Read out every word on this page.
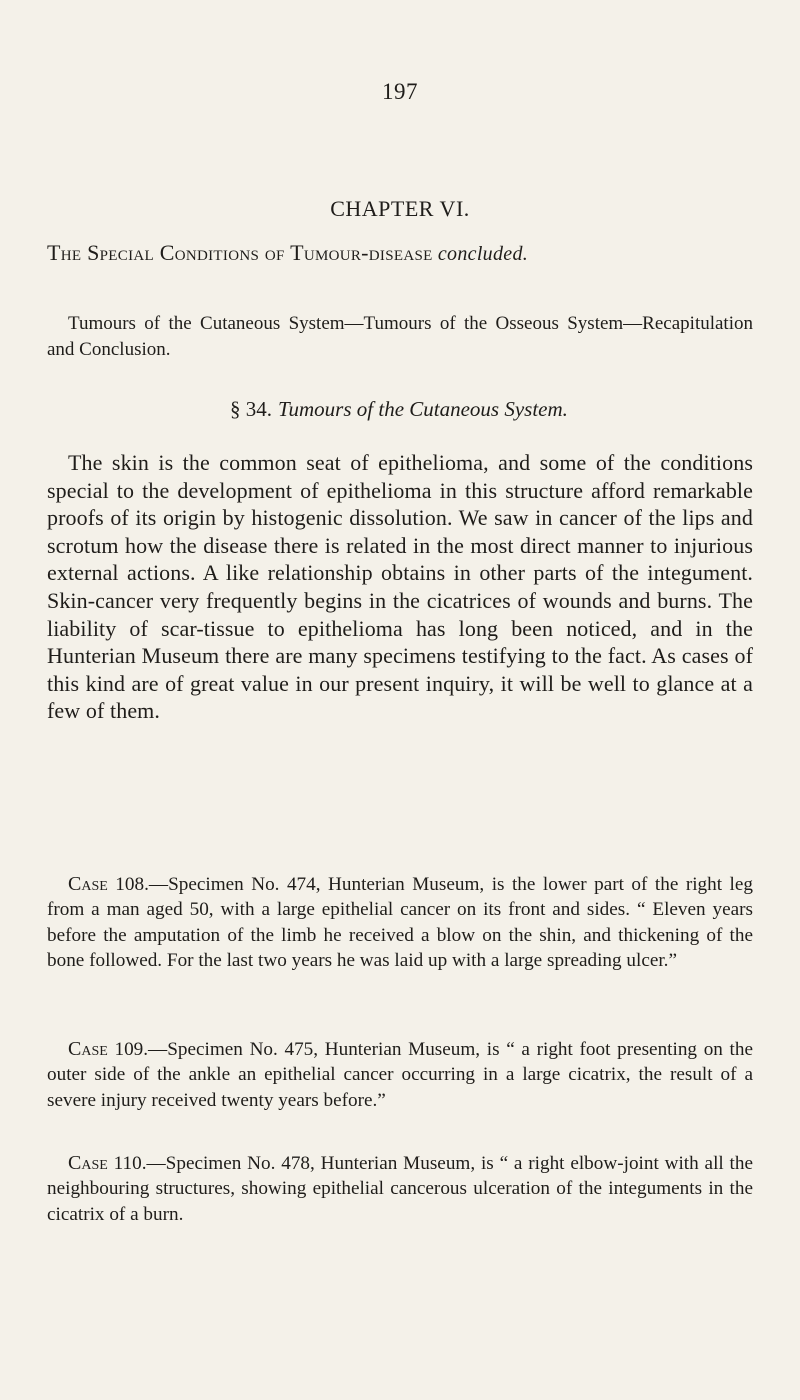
197
CHAPTER VI.
The Special Conditions of Tumour-disease concluded.
Tumours of the Cutaneous System—Tumours of the Osseous System—Recapitulation and Conclusion.
§ 34. Tumours of the Cutaneous System.

The skin is the common seat of epithelioma, and some of the conditions special to the development of epithelioma in this structure afford remarkable proofs of its origin by histogenic dissolution. We saw in cancer of the lips and scrotum how the disease there is related in the most direct manner to injurious external actions. A like relationship obtains in other parts of the integument. Skin-cancer very frequently begins in the cicatrices of wounds and burns. The liability of scar-tissue to epithelioma has long been noticed, and in the Hunterian Museum there are many specimens testifying to the fact. As cases of this kind are of great value in our present inquiry, it will be well to glance at a few of them.

Case 108.—Specimen No. 474, Hunterian Museum, is the lower part of the right leg from a man aged 50, with a large epithelial cancer on its front and sides. “ Eleven years before the amputation of the limb he received a blow on the shin, and thickening of the bone followed. For the last two years he was laid up with a large spreading ulcer.”

Case 109.—Specimen No. 475, Hunterian Museum, is “ a right foot presenting on the outer side of the ankle an epithelial cancer occurring in a large cicatrix, the result of a severe injury received twenty years before.”

Case 110.—Specimen No. 478, Hunterian Museum, is “ a right elbow-joint with all the neighbouring structures, showing epithelial cancerous ulceration of the integuments in the cicatrix of a burn.
